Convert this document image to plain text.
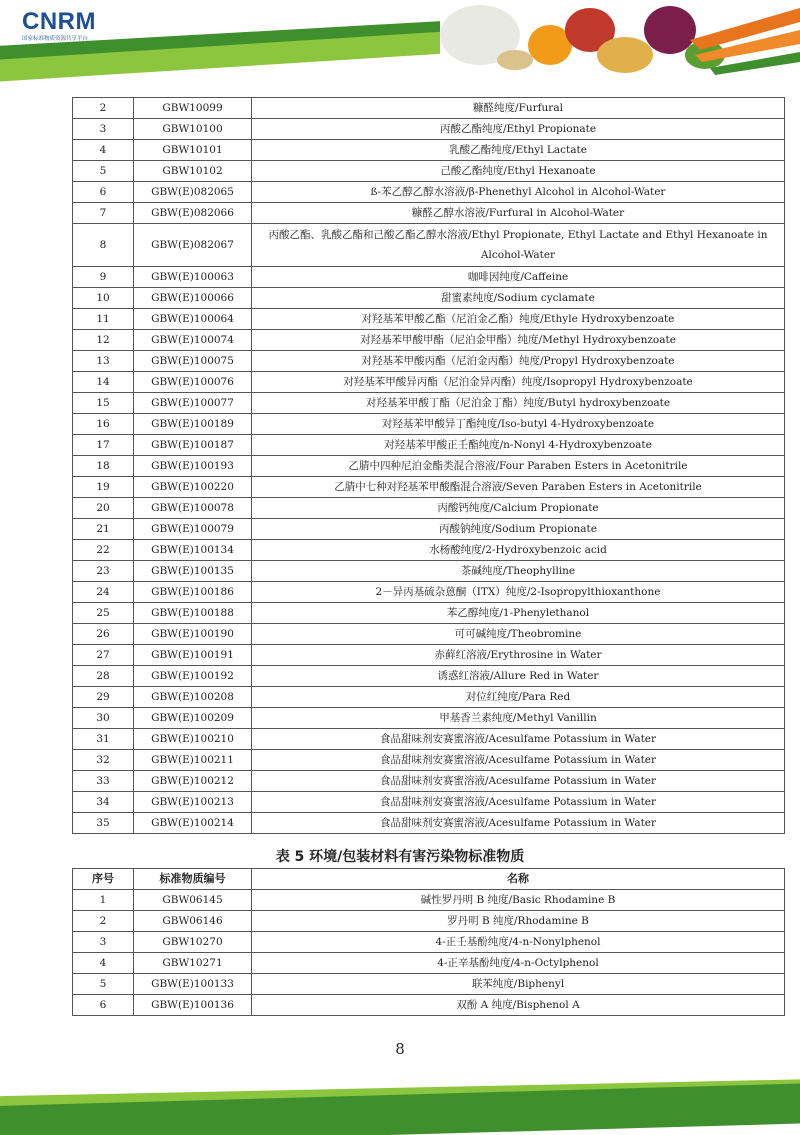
CNRM
国家标准物质资源共享平台
2	GBW10099	糠醛纯度/Furfural
3	GBW10100	丙酸乙酯纯度/Ethyl Propionate
4	GBW10101	乳酸乙酯纯度/Ethyl Lactate
5	GBW10102	己酸乙酯纯度/Ethyl Hexanoate
6	GBW(E)082065	ß-苯乙醇乙醇水溶液/β-Phenethyl Alcohol in Alcohol-Water
7	GBW(E)082066	糠醛乙醇水溶液/Furfural in Alcohol-Water
8	GBW(E)082067	丙酸乙酯、乳酸乙酯和己酸乙酯乙醇水溶液/Ethyl Propionate, Ethyl Lactate and Ethyl Hexanoate in Alcohol-Water
9	GBW(E)100063	咖啡因纯度/Caffeine
10	GBW(E)100066	甜蜜素纯度/Sodium cyclamate
11	GBW(E)100064	对羟基苯甲酸乙酯（尼泊金乙酯）纯度/Ethyle Hydroxybenzoate
12	GBW(E)100074	对羟基苯甲酸甲酯（尼泊金甲酯）纯度/Methyl Hydroxybenzoate
13	GBW(E)100075	对羟基苯甲酸丙酯（尼泊金丙酯）纯度/Propyl Hydroxybenzoate
14	GBW(E)100076	对羟基苯甲酸异丙酯（尼泊金异丙酯）纯度/Isopropyl Hydroxybenzoate
15	GBW(E)100077	对羟基苯甲酸丁酯（尼泊金丁酯）纯度/Butyl hydroxybenzoate
16	GBW(E)100189	对羟基苯甲酸异丁酯纯度/Iso-butyl 4-Hydroxybenzoate
17	GBW(E)100187	对羟基苯甲酸正壬酯纯度/n-Nonyl 4-Hydroxybenzoate
18	GBW(E)100193	乙腈中四种尼泊金酯类混合溶液/Four Paraben Esters in Acetonitrile
19	GBW(E)100220	乙腈中七种对羟基苯甲酸酯混合溶液/Seven Paraben Esters in Acetonitrile
20	GBW(E)100078	丙酸钙纯度/Calcium Propionate
21	GBW(E)100079	丙酸钠纯度/Sodium Propionate
22	GBW(E)100134	水杨酸纯度/2-Hydroxybenzoic acid
23	GBW(E)100135	茶碱纯度/Theophylline
24	GBW(E)100186	2－异丙基硫杂蒽酮（ITX）纯度/2-Isopropylthioxanthone
25	GBW(E)100188	苯乙醇纯度/1-Phenylethanol
26	GBW(E)100190	可可碱纯度/Theobromine
27	GBW(E)100191	赤藓红溶液/Erythrosine in Water
28	GBW(E)100192	诱惑红溶液/Allure Red in Water
29	GBW(E)100208	对位红纯度/Para Red
30	GBW(E)100209	甲基香兰素纯度/Methyl Vanillin
31	GBW(E)100210	食品甜味剂安赛蜜溶液/Acesulfame Potassium in Water
32	GBW(E)100211	食品甜味剂安赛蜜溶液/Acesulfame Potassium in Water
33	GBW(E)100212	食品甜味剂安赛蜜溶液/Acesulfame Potassium in Water
34	GBW(E)100213	食品甜味剂安赛蜜溶液/Acesulfame Potassium in Water
35	GBW(E)100214	食品甜味剂安赛蜜溶液/Acesulfame Potassium in Water
表 5 环境/包装材料有害污染物标准物质
序号	标准物质编号	名称
1	GBW06145	碱性罗丹明 B 纯度/Basic Rhodamine B
2	GBW06146	罗丹明 B 纯度/Rhodamine B
3	GBW10270	4-正壬基酚纯度/4-n-Nonylphenol
4	GBW10271	4-正辛基酚纯度/4-n-Octylphenol
5	GBW(E)100133	联苯纯度/Biphenyl
6	GBW(E)100136	双酚 A 纯度/Bisphenol A
8
